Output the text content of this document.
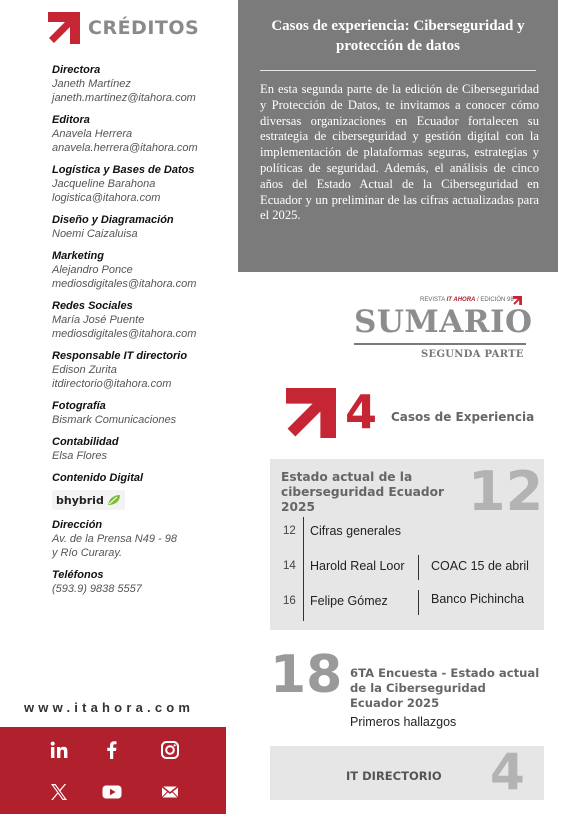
CRÉDITOS
Directora
Janeth Martínez
janeth.martinez@itahora.com
Editora
Anavela Herrera
anavela.herrera@itahora.com
Logística y Bases de Datos
Jacqueline Barahona
logistica@itahora.com
Diseño y Diagramación
Noemi Caizaluisa
Marketing
Alejandro Ponce
mediosdigitales@itahora.com
Redes Sociales
María José Puente
mediosdigitales@itahora.com
Responsable IT directorio
Edison Zurita
itdirectorio@itahora.com
Fotografía
Bismark Comunicaciones
Contabilidad
Elsa Flores
Contenido Digital
bhybrid
Dirección
Av. de la Prensa N49 - 98
y Río Curaray.
Teléfonos
(593.9) 9838 5557
www.itahora.com
Casos de experiencia: Ciberseguridad y protección de datos
En esta segunda parte de la edición de Ciberseguridad y Protección de Datos, te invitamos a conocer cómo diversas organizaciones en Ecuador fortalecen su estrategia de ciberseguridad y gestión digital con la implementación de plataformas seguras, estrategias y políticas de seguridad. Además, el análisis de cinco años del Estado Actual de la Ciberseguridad en Ecuador y un preliminar de las cifras actualizadas para el 2025.
REVISTA IT AHORA / EDICIÓN 98
SUMARIO
SEGUNDA PARTE
4 Casos de Experiencia
Estado actual de la ciberseguridad Ecuador 2025	12
12 Cifras generales
14 Harold Real Loor COAC 15 de abril
16 Felipe Gómez	Banco Pichincha
18 6TA Encuesta - Estado actual de la Ciberseguridad Ecuador 2025
Primeros hallazgos
IT DIRECTORIO 4
